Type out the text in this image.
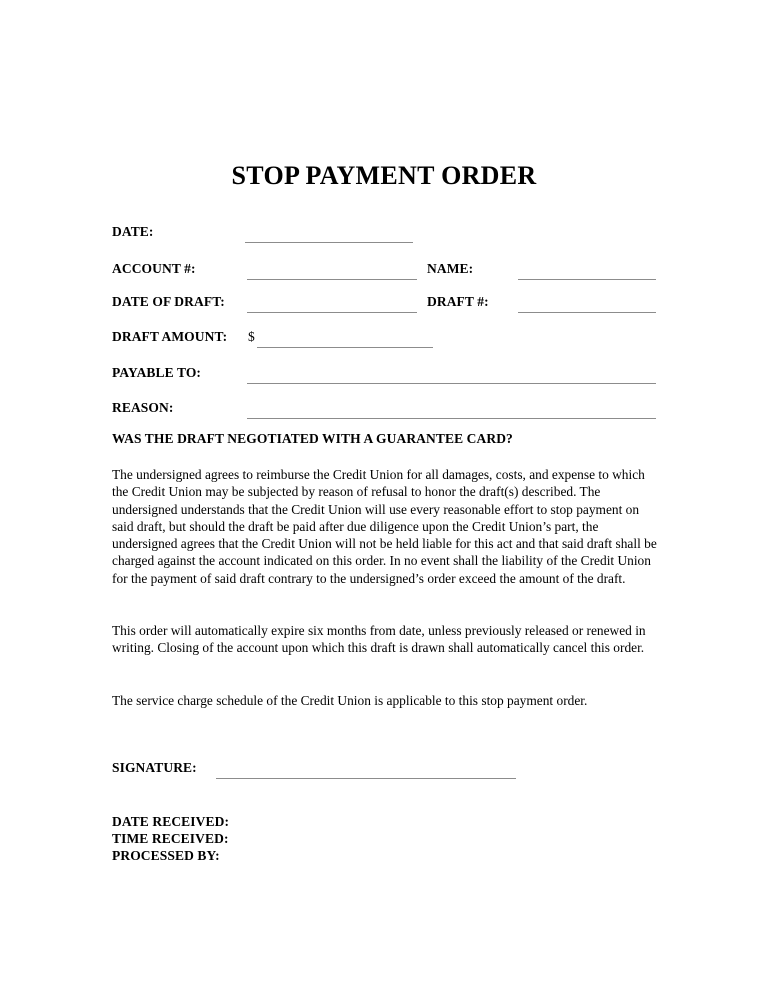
STOP PAYMENT ORDER
DATE:
ACCOUNT #:	NAME:
DATE OF DRAFT:	DRAFT #:
DRAFT AMOUNT: $
PAYABLE TO:
REASON:
WAS THE DRAFT NEGOTIATED WITH A GUARANTEE CARD?
The undersigned agrees to reimburse the Credit Union for all damages, costs, and expense to which the Credit Union may be subjected by reason of refusal to honor the draft(s) described. The undersigned understands that the Credit Union will use every reasonable effort to stop payment on said draft, but should the draft be paid after due diligence upon the Credit Union’s part, the undersigned agrees that the Credit Union will not be held liable for this act and that said draft shall be charged against the account indicated on this order. In no event shall the liability of the Credit Union for the payment of said draft contrary to the undersigned’s order exceed the amount of the draft.
This order will automatically expire six months from date, unless previously released or renewed in writing. Closing of the account upon which this draft is drawn shall automatically cancel this order.
The service charge schedule of the Credit Union is applicable to this stop payment order.
SIGNATURE:
DATE RECEIVED:
TIME RECEIVED:
PROCESSED BY:
